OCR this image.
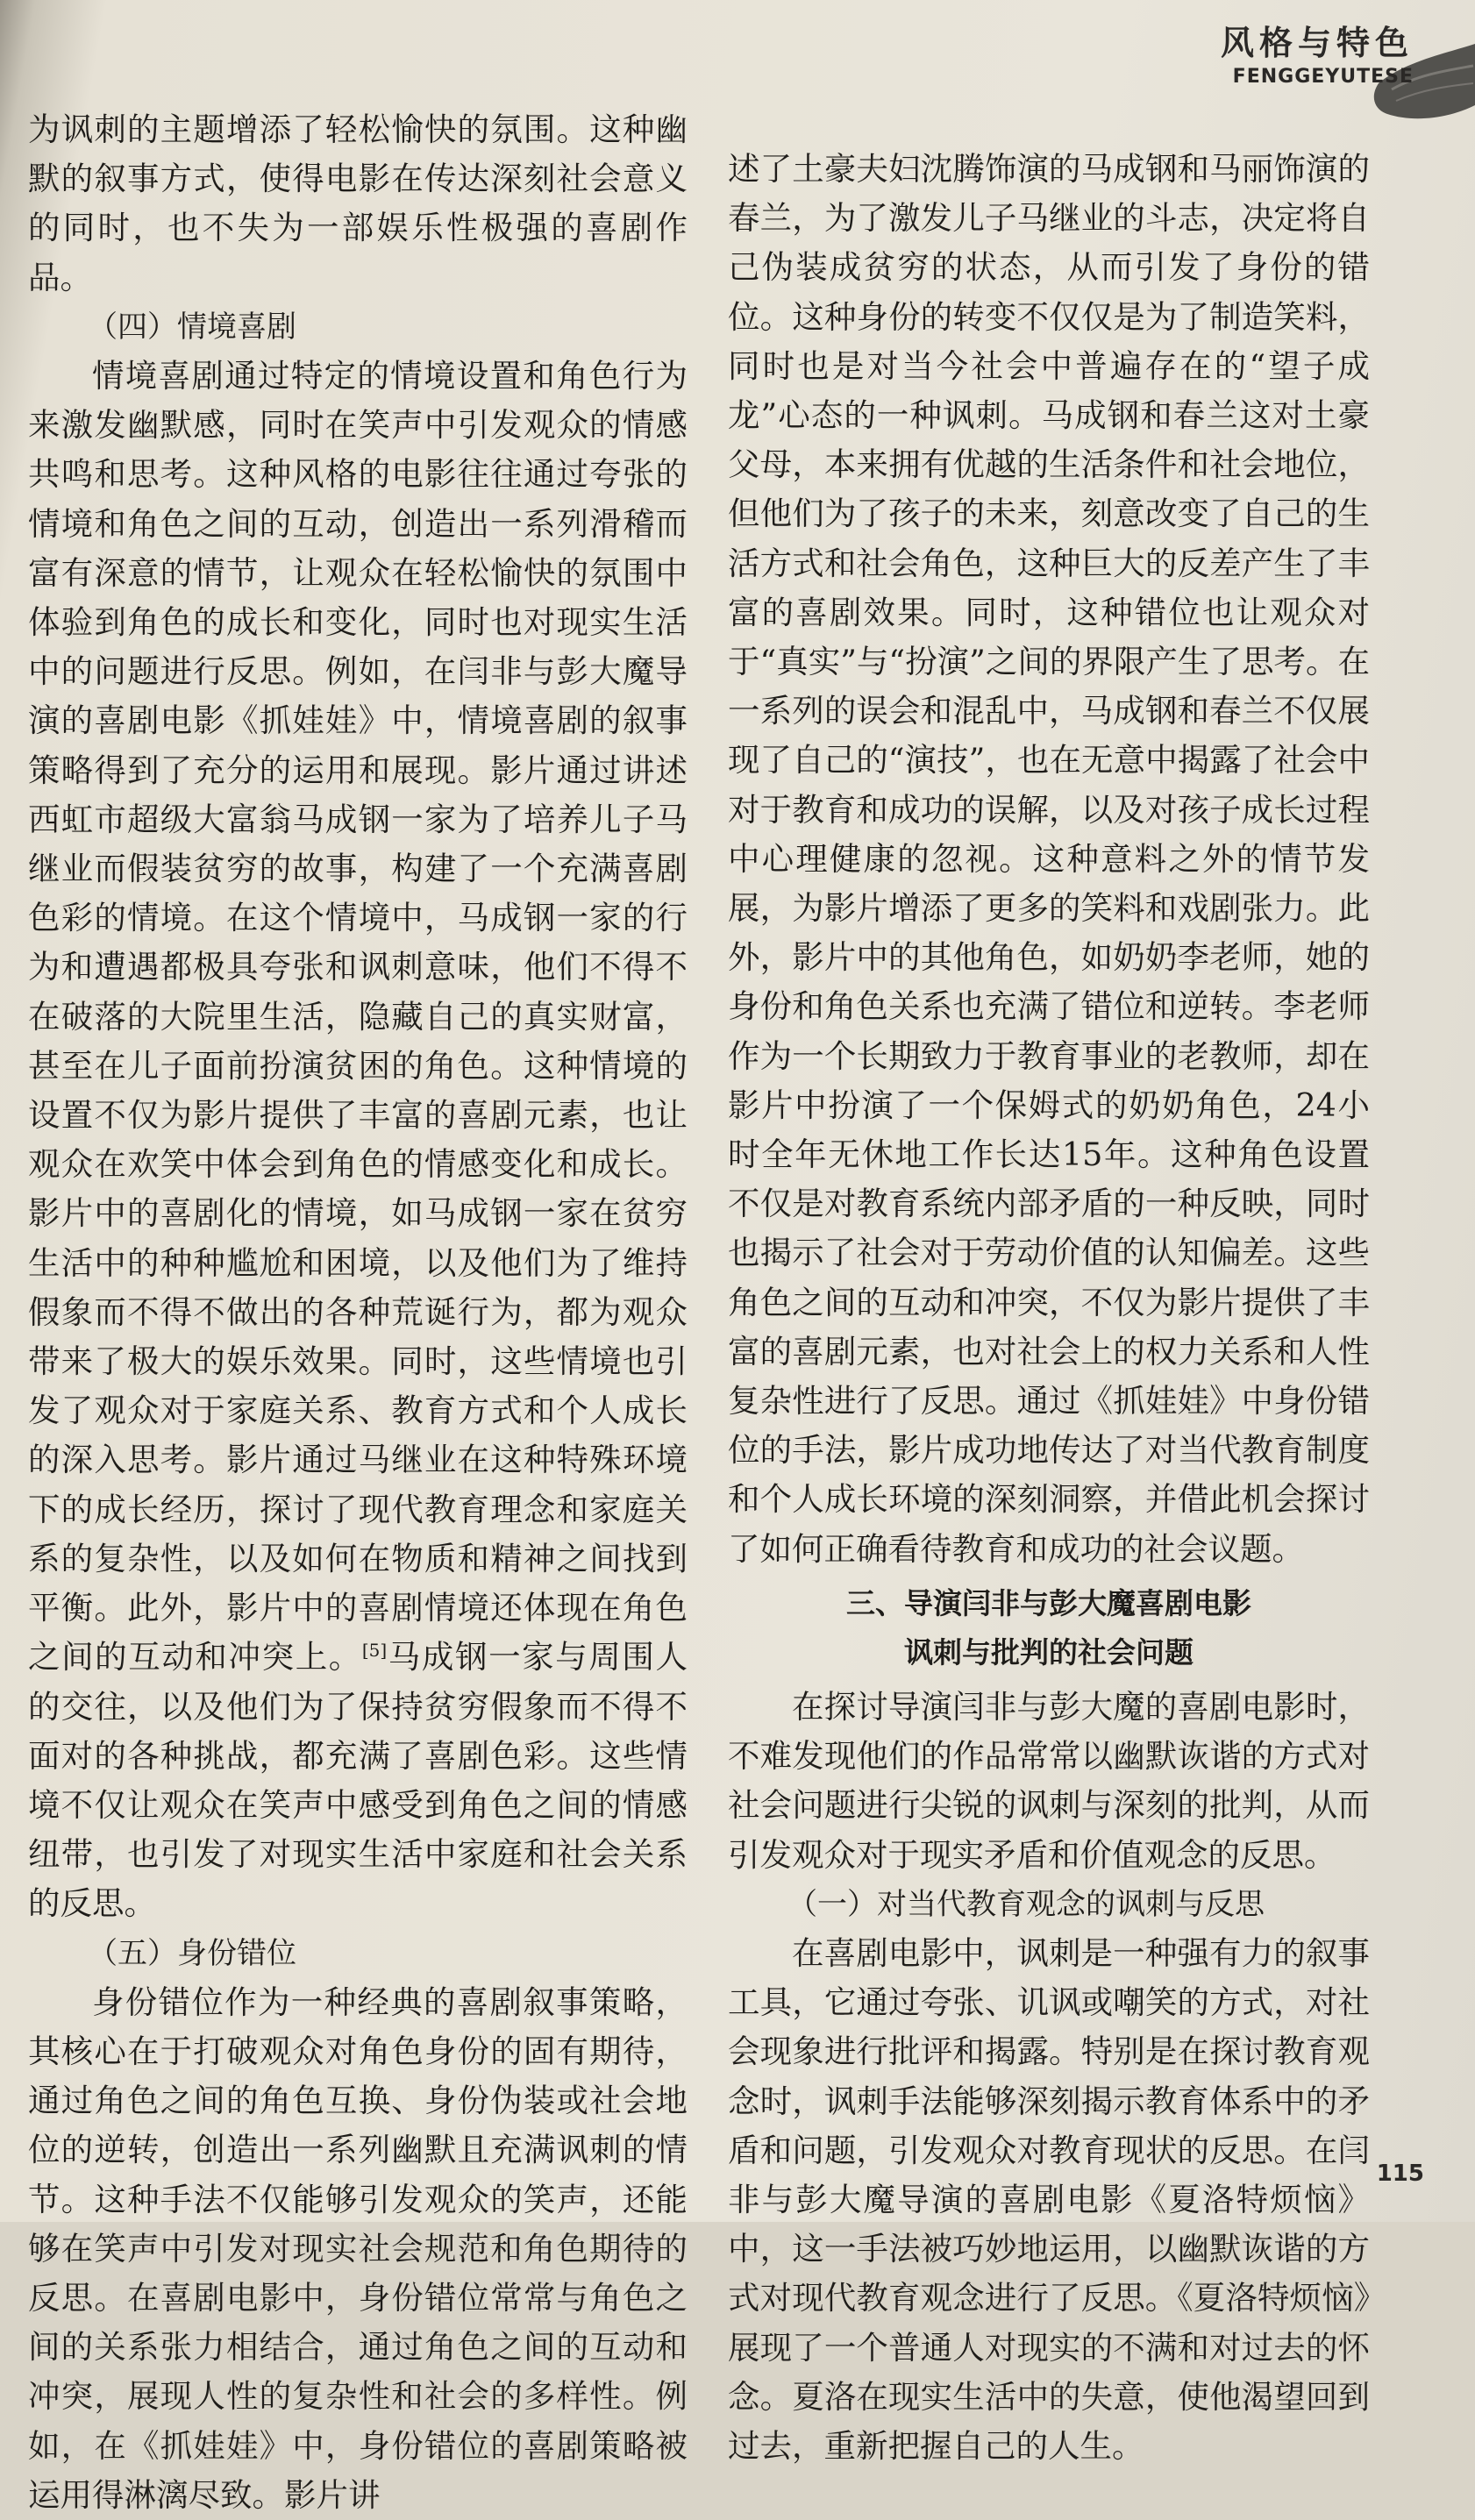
风格与特色
FENGGEYUTESE

为讽刺的主题增添了轻松愉快的氛围。这种幽默的叙事方式，使得电影在传达深刻社会意义的同时，也不失为一部娱乐性极强的喜剧作品。

（四）情境喜剧

情境喜剧通过特定的情境设置和角色行为来激发幽默感，同时在笑声中引发观众的情感共鸣和思考。这种风格的电影往往通过夸张的情境和角色之间的互动，创造出一系列滑稽而富有深意的情节，让观众在轻松愉快的氛围中体验到角色的成长和变化，同时也对现实生活中的问题进行反思。例如，在闫非与彭大魔导演的喜剧电影《抓娃娃》中，情境喜剧的叙事策略得到了充分的运用和展现。影片通过讲述西虹市超级大富翁马成钢一家为了培养儿子马继业而假装贫穷的故事，构建了一个充满喜剧色彩的情境。在这个情境中，马成钢一家的行为和遭遇都极具夸张和讽刺意味，他们不得不在破落的大院里生活，隐藏自己的真实财富，甚至在儿子面前扮演贫困的角色。这种情境的设置不仅为影片提供了丰富的喜剧元素，也让观众在欢笑中体会到角色的情感变化和成长。影片中的喜剧化的情境，如马成钢一家在贫穷生活中的种种尴尬和困境，以及他们为了维持假象而不得不做出的各种荒诞行为，都为观众带来了极大的娱乐效果。同时，这些情境也引发了观众对于家庭关系、教育方式和个人成长的深入思考。影片通过马继业在这种特殊环境下的成长经历，探讨了现代教育理念和家庭关系的复杂性，以及如何在物质和精神之间找到平衡。此外，影片中的喜剧情境还体现在角色之间的互动和冲突上。[5]马成钢一家与周围人的交往，以及他们为了保持贫穷假象而不得不面对的各种挑战，都充满了喜剧色彩。这些情境不仅让观众在笑声中感受到角色之间的情感纽带，也引发了对现实生活中家庭和社会关系的反思。

（五）身份错位

身份错位作为一种经典的喜剧叙事策略，其核心在于打破观众对角色身份的固有期待，通过角色之间的角色互换、身份伪装或社会地位的逆转，创造出一系列幽默且充满讽刺的情节。这种手法不仅能够引发观众的笑声，还能够在笑声中引发对现实社会规范和角色期待的反思。在喜剧电影中，身份错位常常与角色之间的关系张力相结合，通过角色之间的互动和冲突，展现人性的复杂性和社会的多样性。例如，在《抓娃娃》中，身份错位的喜剧策略被运用得淋漓尽致。影片讲

述了土豪夫妇沈腾饰演的马成钢和马丽饰演的春兰，为了激发儿子马继业的斗志，决定将自己伪装成贫穷的状态，从而引发了身份的错位。这种身份的转变不仅仅是为了制造笑料，同时也是对当今社会中普遍存在的“望子成龙”心态的一种讽刺。马成钢和春兰这对土豪父母，本来拥有优越的生活条件和社会地位，但他们为了孩子的未来，刻意改变了自己的生活方式和社会角色，这种巨大的反差产生了丰富的喜剧效果。同时，这种错位也让观众对于“真实”与“扮演”之间的界限产生了思考。在一系列的误会和混乱中，马成钢和春兰不仅展现了自己的“演技”，也在无意中揭露了社会中对于教育和成功的误解，以及对孩子成长过程中心理健康的忽视。这种意料之外的情节发展，为影片增添了更多的笑料和戏剧张力。此外，影片中的其他角色，如奶奶李老师，她的身份和角色关系也充满了错位和逆转。李老师作为一个长期致力于教育事业的老教师，却在影片中扮演了一个保姆式的奶奶角色，24小时全年无休地工作长达15年。这种角色设置不仅是对教育系统内部矛盾的一种反映，同时也揭示了社会对于劳动价值的认知偏差。这些角色之间的互动和冲突，不仅为影片提供了丰富的喜剧元素，也对社会上的权力关系和人性复杂性进行了反思。通过《抓娃娃》中身份错位的手法，影片成功地传达了对当代教育制度和个人成长环境的深刻洞察，并借此机会探讨了如何正确看待教育和成功的社会议题。

三、导演闫非与彭大魔喜剧电影
讽刺与批判的社会问题

在探讨导演闫非与彭大魔的喜剧电影时，不难发现他们的作品常常以幽默诙谐的方式对社会问题进行尖锐的讽刺与深刻的批判，从而引发观众对于现实矛盾和价值观念的反思。

（一）对当代教育观念的讽刺与反思

在喜剧电影中，讽刺是一种强有力的叙事工具，它通过夸张、讥讽或嘲笑的方式，对社会现象进行批评和揭露。特别是在探讨教育观念时，讽刺手法能够深刻揭示教育体系中的矛盾和问题，引发观众对教育现状的反思。在闫非与彭大魔导演的喜剧电影《夏洛特烦恼》中，这一手法被巧妙地运用，以幽默诙谐的方式对现代教育观念进行了反思。《夏洛特烦恼》展现了一个普通人对现实的不满和对过去的怀念。夏洛在现实生活中的失意，使他渴望回到过去，重新把握自己的人生。

115
